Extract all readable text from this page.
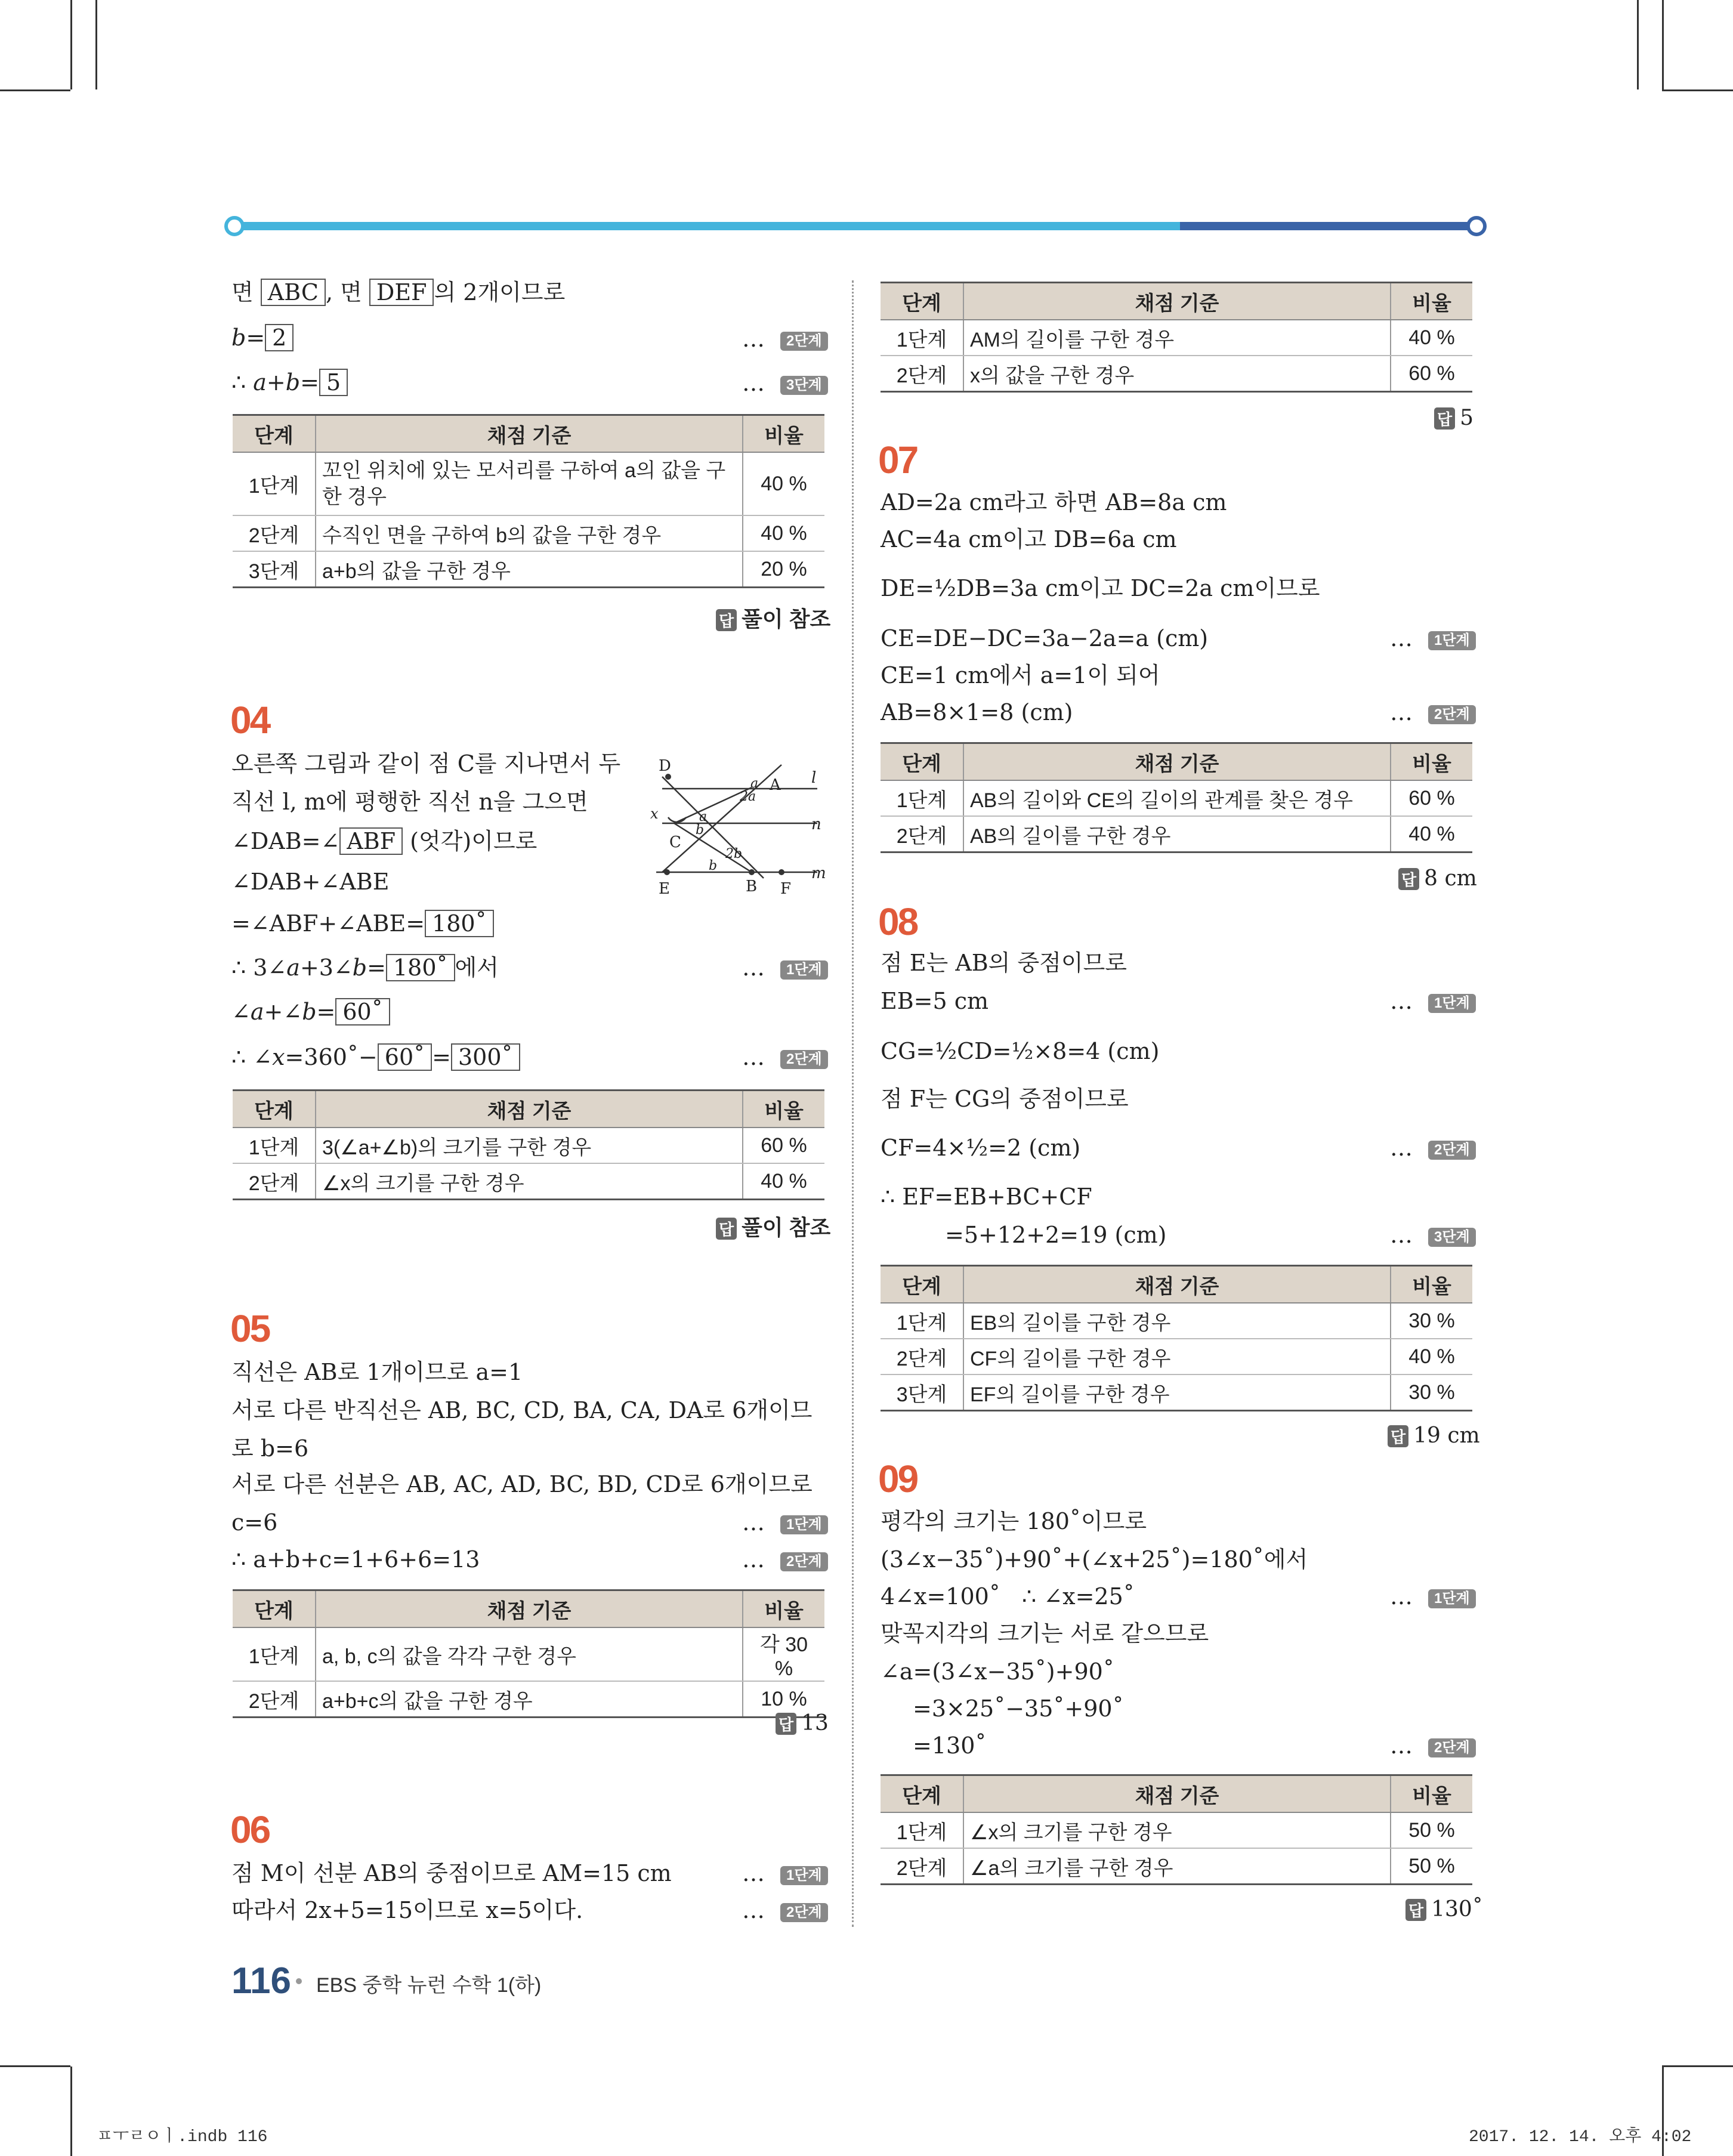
면 ABC , 면 DEF 의 2개이므로
b= 2	… 2단계
∴ a+b= 5	… 3단계
단계	채점 기준	비율
1단계	꼬인 위치에 있는 모서리를 구하여 a의 값을 구한 경우	40 %
2단계	수직인 면을 구하여 b의 값을 구한 경우	40 %
3단계	a+b의 값을 구한 경우	20 %
답 풀이 참조
04
오른쪽 그림과 같이 점 C를 지나면서 두
직선 l, m에 평행한 직선 n을 그으면
∠DAB=∠ ABF (엇각)이므로
∠DAB+∠ABE
=∠ABF+∠ABE= 180˚
∴ 3∠a+3∠b= 180˚ 에서	… 1단계
∠a+∠b= 60˚
∴ ∠x=360˚− 60˚ = 300˚	… 2단계
D
A
C
E	B F
l
n
m
x
a
2a
a
b
2b
b
단계	채점 기준	비율
1단계	3(∠a+∠b)의 크기를 구한 경우	60 %
2단계	∠x의 크기를 구한 경우	40 %
답 풀이 참조
05
직선은 AB로 1개이므로 a=1
서로 다른 반직선은 AB, BC, CD, BA, CA, DA로 6개이므
로 b=6
서로 다른 선분은 AB, AC, AD, BC, BD, CD로 6개이므로
c=6	… 1단계
∴ a+b+c=1+6+6=13	… 2단계
단계	채점 기준	비율
1단계	a, b, c의 값을 각각 구한 경우	각 30 %
2단계	a+b+c의 값을 구한 경우	10 %
답 13
06
점 M이 선분 AB의 중점이므로 AM=15 cm	… 1단계
따라서 2x+5=15이므로 x=5이다.	… 2단계
단계	채점 기준	비율
1단계	AM의 길이를 구한 경우	40 %
2단계	x의 값을 구한 경우	60 %
답 5
07
AD=2a cm라고 하면 AB=8a cm
AC=4a cm이고 DB=6a cm
DE=½DB=3a cm이고 DC=2a cm이므로
CE=DE−DC=3a−2a=a (cm)	… 1단계
CE=1 cm에서 a=1이 되어
AB=8×1=8 (cm)	… 2단계
단계	채점 기준	비율
1단계	AB의 길이와 CE의 길이의 관계를 찾은 경우	60 %
2단계	AB의 길이를 구한 경우	40 %
답 8 cm
08
점 E는 AB의 중점이므로
EB=5 cm	… 1단계
CG=½CD=½×8=4 (cm)
점 F는 CG의 중점이므로
CF=4×½=2 (cm)	… 2단계
∴ EF=EB+BC+CF
=5+12+2=19 (cm)	… 3단계
단계	채점 기준	비율
1단계	EB의 길이를 구한 경우	30 %
2단계	CF의 길이를 구한 경우	40 %
3단계	EF의 길이를 구한 경우	30 %
답 19 cm
09
평각의 크기는 180˚이므로
(3∠x−35˚)+90˚+(∠x+25˚)=180˚에서
4∠x=100˚   ∴ ∠x=25˚	… 1단계
맞꼭지각의 크기는 서로 같으므로
∠a=(3∠x−35˚)+90˚
=3×25˚−35˚+90˚
=130˚	… 2단계
단계	채점 기준	비율
1단계	∠x의 크기를 구한 경우	50 %
2단계	∠a의 크기를 구한 경우	50 %
답 130˚
116 EBS 중학 뉴런 수학 1(하)
ㅍㅜㄹㅇㅣ.indb 116	2017. 12. 14. 오후 4:02
